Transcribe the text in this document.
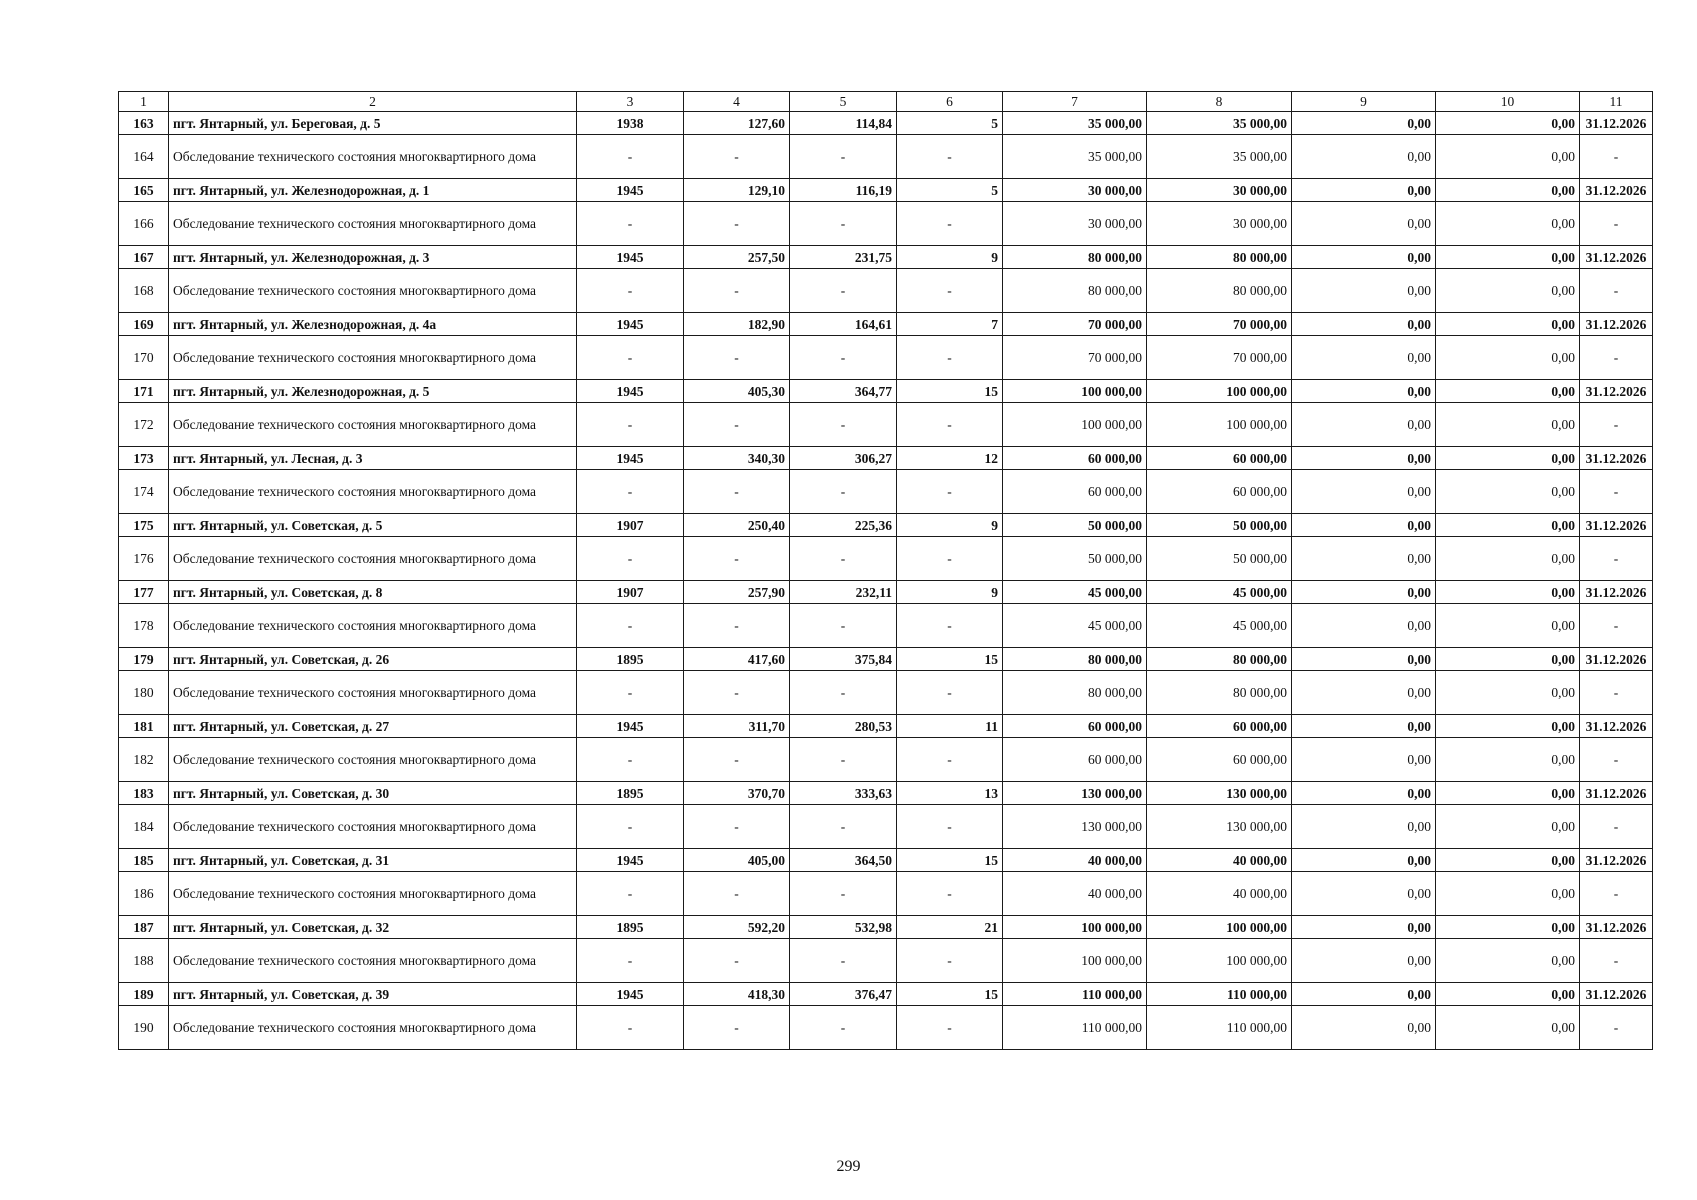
1	2	3	4	5	6	7	8	9	10	11
163	пгт. Янтарный, ул. Береговая, д. 5	1938	127,60	114,84	5	35 000,00	35 000,00	0,00	0,00	31.12.2026
164	Обследование технического состояния многоквартирного дома	-	-	-	-	35 000,00	35 000,00	0,00	0,00	-
165	пгт. Янтарный, ул. Железнодорожная, д. 1	1945	129,10	116,19	5	30 000,00	30 000,00	0,00	0,00	31.12.2026
166	Обследование технического состояния многоквартирного дома	-	-	-	-	30 000,00	30 000,00	0,00	0,00	-
167	пгт. Янтарный, ул. Железнодорожная, д. 3	1945	257,50	231,75	9	80 000,00	80 000,00	0,00	0,00	31.12.2026
168	Обследование технического состояния многоквартирного дома	-	-	-	-	80 000,00	80 000,00	0,00	0,00	-
169	пгт. Янтарный, ул. Железнодорожная, д. 4а	1945	182,90	164,61	7	70 000,00	70 000,00	0,00	0,00	31.12.2026
170	Обследование технического состояния многоквартирного дома	-	-	-	-	70 000,00	70 000,00	0,00	0,00	-
171	пгт. Янтарный, ул. Железнодорожная, д. 5	1945	405,30	364,77	15	100 000,00	100 000,00	0,00	0,00	31.12.2026
172	Обследование технического состояния многоквартирного дома	-	-	-	-	100 000,00	100 000,00	0,00	0,00	-
173	пгт. Янтарный, ул. Лесная, д. 3	1945	340,30	306,27	12	60 000,00	60 000,00	0,00	0,00	31.12.2026
174	Обследование технического состояния многоквартирного дома	-	-	-	-	60 000,00	60 000,00	0,00	0,00	-
175	пгт. Янтарный, ул. Советская, д. 5	1907	250,40	225,36	9	50 000,00	50 000,00	0,00	0,00	31.12.2026
176	Обследование технического состояния многоквартирного дома	-	-	-	-	50 000,00	50 000,00	0,00	0,00	-
177	пгт. Янтарный, ул. Советская, д. 8	1907	257,90	232,11	9	45 000,00	45 000,00	0,00	0,00	31.12.2026
178	Обследование технического состояния многоквартирного дома	-	-	-	-	45 000,00	45 000,00	0,00	0,00	-
179	пгт. Янтарный, ул. Советская, д. 26	1895	417,60	375,84	15	80 000,00	80 000,00	0,00	0,00	31.12.2026
180	Обследование технического состояния многоквартирного дома	-	-	-	-	80 000,00	80 000,00	0,00	0,00	-
181	пгт. Янтарный, ул. Советская, д. 27	1945	311,70	280,53	11	60 000,00	60 000,00	0,00	0,00	31.12.2026
182	Обследование технического состояния многоквартирного дома	-	-	-	-	60 000,00	60 000,00	0,00	0,00	-
183	пгт. Янтарный, ул. Советская, д. 30	1895	370,70	333,63	13	130 000,00	130 000,00	0,00	0,00	31.12.2026
184	Обследование технического состояния многоквартирного дома	-	-	-	-	130 000,00	130 000,00	0,00	0,00	-
185	пгт. Янтарный, ул. Советская, д. 31	1945	405,00	364,50	15	40 000,00	40 000,00	0,00	0,00	31.12.2026
186	Обследование технического состояния многоквартирного дома	-	-	-	-	40 000,00	40 000,00	0,00	0,00	-
187	пгт. Янтарный, ул. Советская, д. 32	1895	592,20	532,98	21	100 000,00	100 000,00	0,00	0,00	31.12.2026
188	Обследование технического состояния многоквартирного дома	-	-	-	-	100 000,00	100 000,00	0,00	0,00	-
189	пгт. Янтарный, ул. Советская, д. 39	1945	418,30	376,47	15	110 000,00	110 000,00	0,00	0,00	31.12.2026
190	Обследование технического состояния многоквартирного дома	-	-	-	-	110 000,00	110 000,00	0,00	0,00	-
299
